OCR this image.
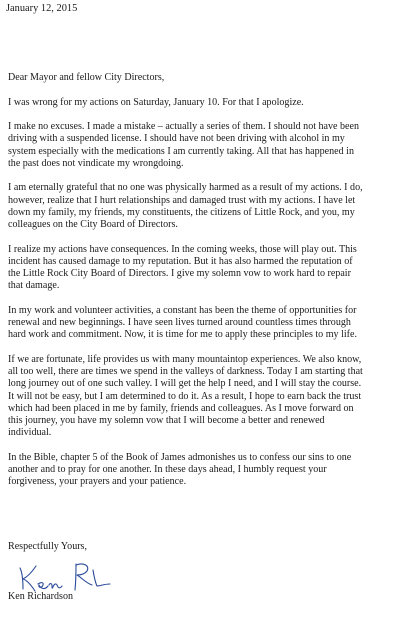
January 12, 2015

Dear Mayor and fellow City Directors,

I was wrong for my actions on Saturday, January 10. For that I apologize.

I make no excuses. I made a mistake – actually a series of them. I should not have been
driving with a suspended license. I should have not been driving with alcohol in my
system especially with the medications I am currently taking. All that has happened in
the past does not vindicate my wrongdoing.

I am eternally grateful that no one was physically harmed as a result of my actions. I do,
however, realize that I hurt relationships and damaged trust with my actions. I have let
down my family, my friends, my constituents, the citizens of Little Rock, and you, my
colleagues on the City Board of Directors.

I realize my actions have consequences. In the coming weeks, those will play out. This
incident has caused damage to my reputation. But it has also harmed the reputation of
the Little Rock City Board of Directors. I give my solemn vow to work hard to repair
that damage.

In my work and volunteer activities, a constant has been the theme of opportunities for
renewal and new beginnings. I have seen lives turned around countless times through
hard work and commitment. Now, it is time for me to apply these principles to my life.

If we are fortunate, life provides us with many mountaintop experiences. We also know,
all too well, there are times we spend in the valleys of darkness. Today I am starting that
long journey out of one such valley. I will get the help I need, and I will stay the course.
It will not be easy, but I am determined to do it. As a result, I hope to earn back the trust
which had been placed in me by family, friends and colleagues. As I move forward on
this journey, you have my solemn vow that I will become a better and renewed
individual.

In the Bible, chapter 5 of the Book of James admonishes us to confess our sins to one
another and to pray for one another. In these days ahead, I humbly request your
forgiveness, your prayers and your patience.

Respectfully Yours,
Ken Richardson
